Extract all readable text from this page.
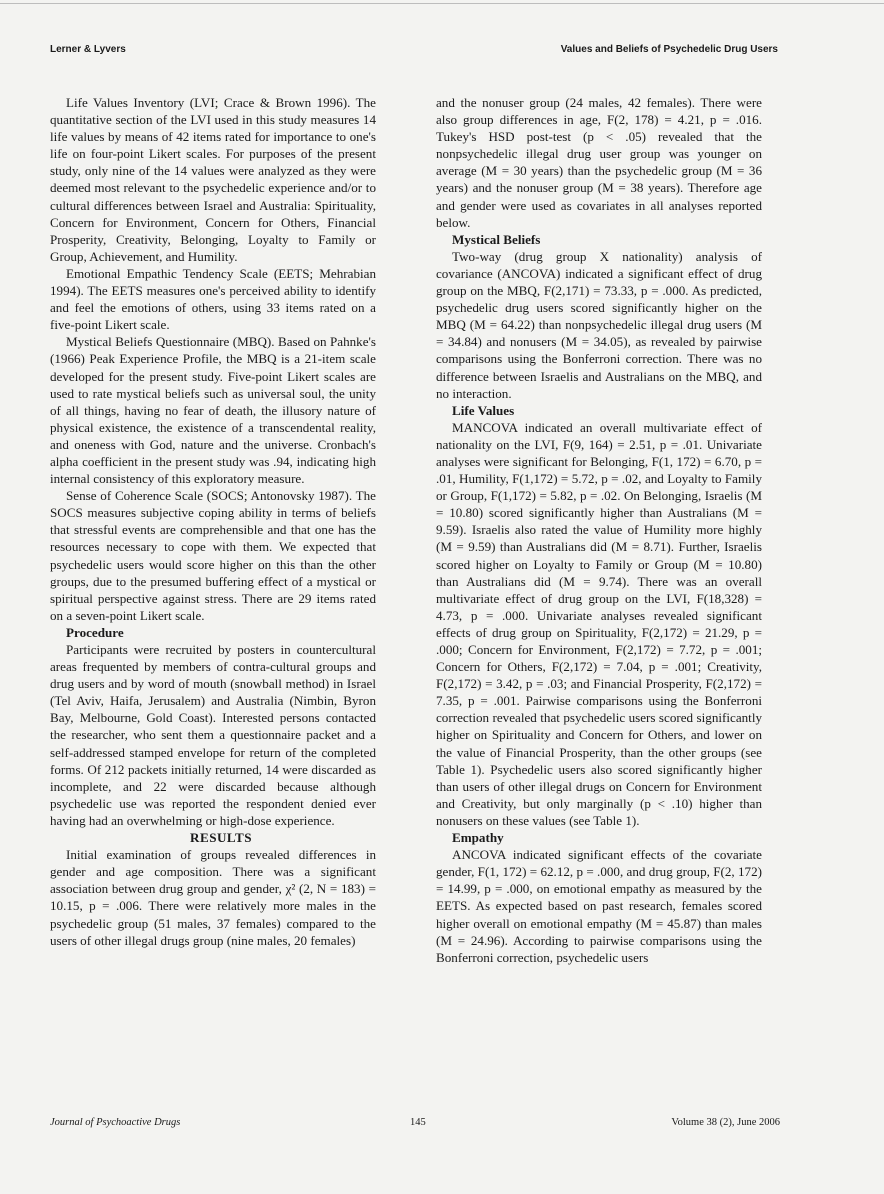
Lerner & Lyvers	Values and Beliefs of Psychedelic Drug Users

Life Values Inventory (LVI; Crace & Brown 1996). The quantitative section of the LVI used in this study measures 14 life values by means of 42 items rated for importance to one's life on four-point Likert scales. For purposes of the present study, only nine of the 14 values were analyzed as they were deemed most relevant to the psychedelic experience and/or to cultural differences between Israel and Australia: Spirituality, Concern for Environment, Concern for Others, Financial Prosperity, Creativity, Belonging, Loyalty to Family or Group, Achievement, and Humility.

Emotional Empathic Tendency Scale (EETS; Mehrabian 1994). The EETS measures one's perceived ability to identify and feel the emotions of others, using 33 items rated on a five-point Likert scale.

Mystical Beliefs Questionnaire (MBQ). Based on Pahnke's (1966) Peak Experience Profile, the MBQ is a 21-item scale developed for the present study. Five-point Likert scales are used to rate mystical beliefs such as universal soul, the unity of all things, having no fear of death, the illusory nature of physical existence, the existence of a transcendental reality, and oneness with God, nature and the universe. Cronbach's alpha coefficient in the present study was .94, indicating high internal consistency of this exploratory measure.

Sense of Coherence Scale (SOCS; Antonovsky 1987). The SOCS measures subjective coping ability in terms of beliefs that stressful events are comprehensible and that one has the resources necessary to cope with them. We expected that psychedelic users would score higher on this than the other groups, due to the presumed buffering effect of a mystical or spiritual perspective against stress. There are 29 items rated on a seven-point Likert scale.

Procedure

Participants were recruited by posters in countercultural areas frequented by members of contra-cultural groups and drug users and by word of mouth (snowball method) in Israel (Tel Aviv, Haifa, Jerusalem) and Australia (Nimbin, Byron Bay, Melbourne, Gold Coast). Interested persons contacted the researcher, who sent them a questionnaire packet and a self-addressed stamped envelope for return of the completed forms. Of 212 packets initially returned, 14 were discarded as incomplete, and 22 were discarded because although psychedelic use was reported the respondent denied ever having had an overwhelming or high-dose experience.

RESULTS

Initial examination of groups revealed differences in gender and age composition. There was a significant association between drug group and gender, χ² (2, N = 183) = 10.15, p = .006. There were relatively more males in the psychedelic group (51 males, 37 females) compared to the users of other illegal drugs group (nine males, 20 females)

and the nonuser group (24 males, 42 females). There were also group differences in age, F(2, 178) = 4.21, p = .016. Tukey's HSD post-test (p < .05) revealed that the nonpsychedelic illegal drug user group was younger on average (M = 30 years) than the psychedelic group (M = 36 years) and the nonuser group (M = 38 years). Therefore age and gender were used as covariates in all analyses reported below.

Mystical Beliefs

Two-way (drug group X nationality) analysis of covariance (ANCOVA) indicated a significant effect of drug group on the MBQ, F(2,171) = 73.33, p = .000. As predicted, psychedelic drug users scored significantly higher on the MBQ (M = 64.22) than nonpsychedelic illegal drug users (M = 34.84) and nonusers (M = 34.05), as revealed by pairwise comparisons using the Bonferroni correction. There was no difference between Israelis and Australians on the MBQ, and no interaction.

Life Values

MANCOVA indicated an overall multivariate effect of nationality on the LVI, F(9, 164) = 2.51, p = .01. Univariate analyses were significant for Belonging, F(1, 172) = 6.70, p = .01, Humility, F(1,172) = 5.72, p = .02, and Loyalty to Family or Group, F(1,172) = 5.82, p = .02. On Belonging, Israelis (M = 10.80) scored significantly higher than Australians (M = 9.59). Israelis also rated the value of Humility more highly (M = 9.59) than Australians did (M = 8.71). Further, Israelis scored higher on Loyalty to Family or Group (M = 10.80) than Australians did (M = 9.74). There was an overall multivariate effect of drug group on the LVI, F(18,328) = 4.73, p = .000. Univariate analyses revealed significant effects of drug group on Spirituality, F(2,172) = 21.29, p = .000; Concern for Environment, F(2,172) = 7.72, p = .001; Concern for Others, F(2,172) = 7.04, p = .001; Creativity, F(2,172) = 3.42, p = .03; and Financial Prosperity, F(2,172) = 7.35, p = .001. Pairwise comparisons using the Bonferroni correction revealed that psychedelic users scored significantly higher on Spirituality and Concern for Others, and lower on the value of Financial Prosperity, than the other groups (see Table 1). Psychedelic users also scored significantly higher than users of other illegal drugs on Concern for Environment and Creativity, but only marginally (p < .10) higher than nonusers on these values (see Table 1).

Empathy

ANCOVA indicated significant effects of the covariate gender, F(1, 172) = 62.12, p = .000, and drug group, F(2, 172) = 14.99, p = .000, on emotional empathy as measured by the EETS. As expected based on past research, females scored higher overall on emotional empathy (M = 45.87) than males (M = 24.96). According to pairwise comparisons using the Bonferroni correction, psychedelic users

Journal of Psychoactive Drugs	145	Volume 38 (2), June 2006
